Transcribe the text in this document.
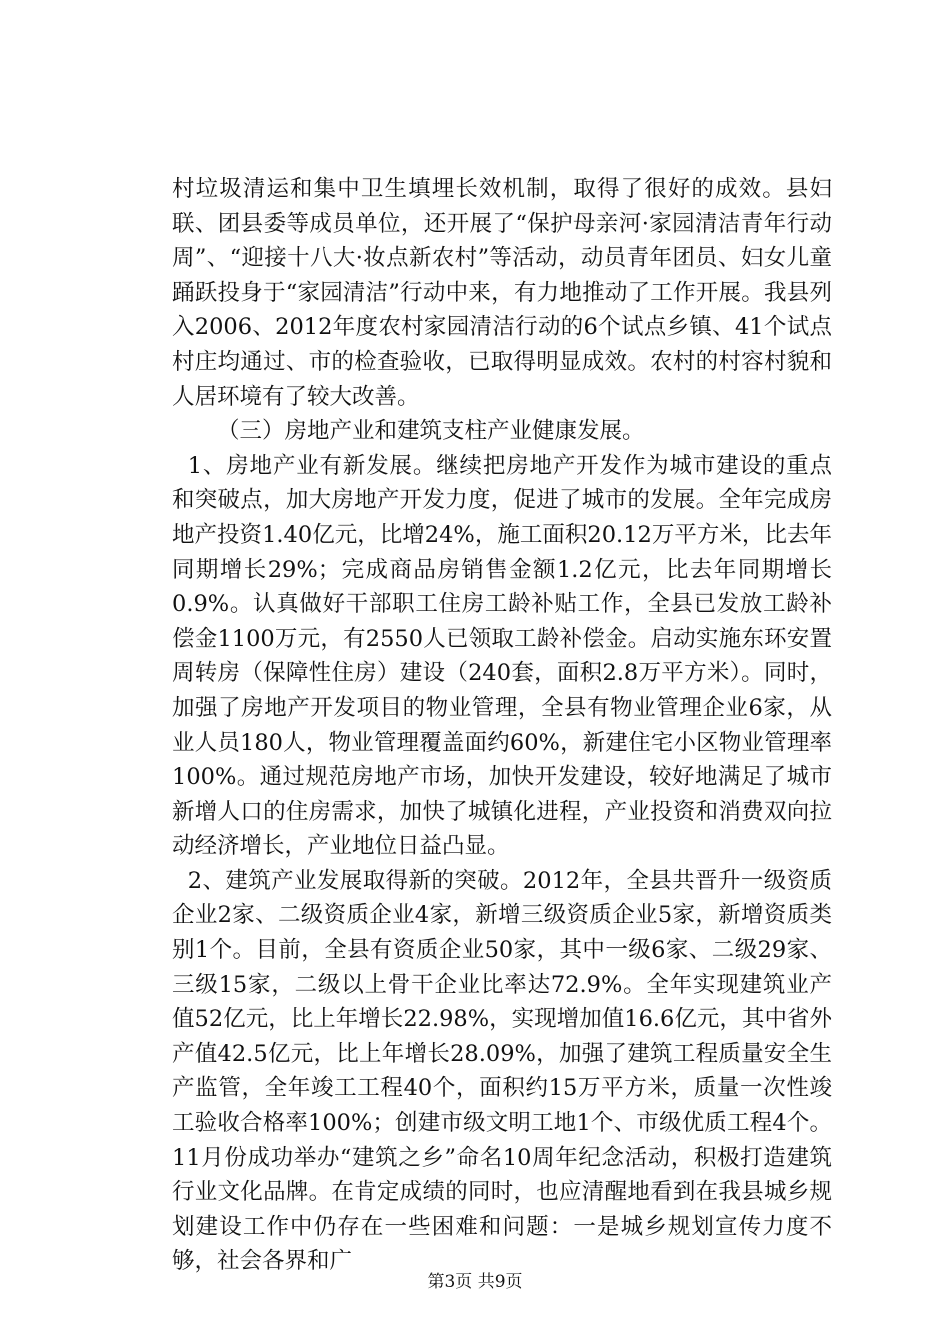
村垃圾清运和集中卫生填埋长效机制，取得了很好的成效。县妇联、团县委等成员单位，还开展了“保护母亲河·家园清洁青年行动周”、“迎接十八大·妆点新农村”等活动，动员青年团员、妇女儿童踊跃投身于“家园清洁”行动中来，有力地推动了工作开展。我县列入2006、2012年度农村家园清洁行动的6个试点乡镇、41个试点村庄均通过、市的检查验收，已取得明显成效。农村的村容村貌和人居环境有了较大改善。

（三）房地产业和建筑支柱产业健康发展。

1、房地产业有新发展。继续把房地产开发作为城市建设的重点和突破点，加大房地产开发力度，促进了城市的发展。全年完成房地产投资1.40亿元，比增24%，施工面积20.12万平方米，比去年同期增长29%；完成商品房销售金额1.2亿元，比去年同期增长0.9%。认真做好干部职工住房工龄补贴工作，全县已发放工龄补偿金1100万元，有2550人已领取工龄补偿金。启动实施东环安置周转房（保障性住房）建设（240套，面积2.8万平方米）。同时，加强了房地产开发项目的物业管理，全县有物业管理企业6家，从业人员180人，物业管理覆盖面约60%，新建住宅小区物业管理率100%。通过规范房地产市场，加快开发建设，较好地满足了城市新增人口的住房需求，加快了城镇化进程，产业投资和消费双向拉动经济增长，产业地位日益凸显。

2、建筑产业发展取得新的突破。2012年，全县共晋升一级资质企业2家、二级资质企业4家，新增三级资质企业5家，新增资质类别1个。目前，全县有资质企业50家，其中一级6家、二级29家、三级15家，二级以上骨干企业比率达72.9%。全年实现建筑业产值52亿元，比上年增长22.98%，实现增加值16.6亿元，其中省外产值42.5亿元，比上年增长28.09%，加强了建筑工程质量安全生产监管，全年竣工工程40个，面积约15万平方米，质量一次性竣工验收合格率100%；创建市级文明工地1个、市级优质工程4个。11月份成功举办“建筑之乡”命名10周年纪念活动，积极打造建筑行业文化品牌。在肯定成绩的同时，也应清醒地看到在我县城乡规划建设工作中仍存在一些困难和问题：一是城乡规划宣传力度不够，社会各界和广

第3页 共9页
